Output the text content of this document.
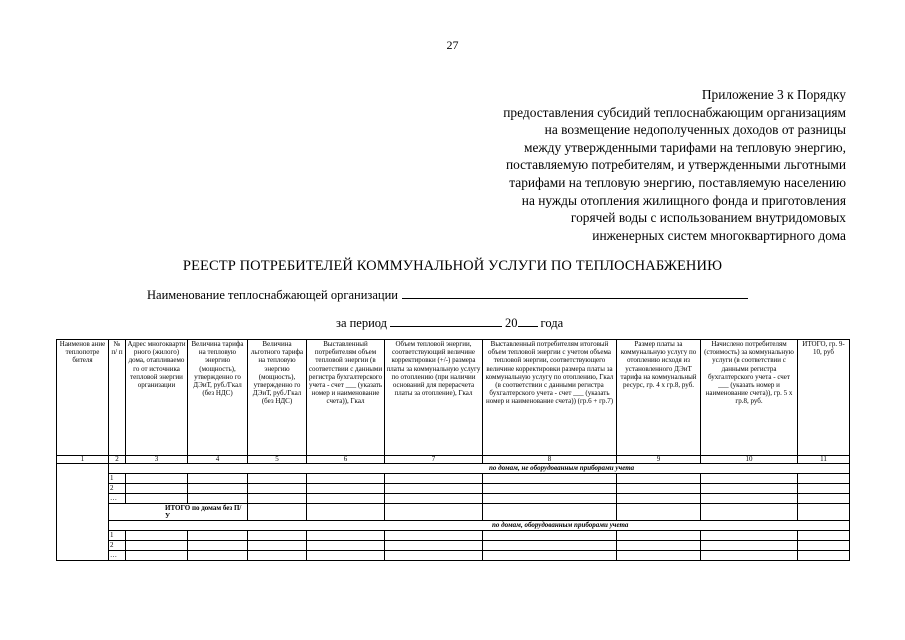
27
Приложение 3 к Порядку
предоставления субсидий теплоснабжающим организациям
на возмещение недополученных доходов от разницы
между утвержденными тарифами на тепловую энергию,
поставляемую потребителям, и утвержденными льготными
тарифами на тепловую энергию, поставляемую населению
на нужды отопления жилищного фонда и приготовления
горячей воды с использованием внутридомовых
инженерных систем многоквартирного дома
РЕЕСТР ПОТРЕБИТЕЛЕЙ КОММУНАЛЬНОЙ УСЛУГИ ПО ТЕПЛОСНАБЖЕНИЮ
Наименование теплоснабжающей организации
за период	20 года
Наименов ание теплопотре бителя	№ п/ п	Адрес многокварти рного (жилого) дома, отапливаемо го от источника тепловой энергии организации	Величина тарифа на тепловую энергию (мощность), утвержденно го ДЭиТ, руб./Гкал (без НДС)	Величина льготного тарифа на тепловую энергию (мощность), утвержденно го ДЭиТ, руб./Гкал (без НДС)	Выставленный потребителям объем тепловой энергии (в соответствии с данными регистра бухгалтерского учета - счет ___ (указать номер и наименование счета)), Гкал	Объем тепловой энергии, соответствующий величине корректировки (+/-) размера платы за коммунальную услугу по отоплению (при наличии оснований для перерасчета платы за отопление), Гкал	Выставленный потребителям итоговый объем тепловой энергии с учетом объема тепловой энергии, соответствующего величине корректировки размера платы за коммунальную услугу по отоплению, Гкал (в соответствии с данными регистра бухгалтерского учета - счет ___ (указать номер и наименование счета)) (гр.6 + гр.7)	Размер платы за коммунальную услугу по отоплению исходя из установленного ДЭиТ тарифа на коммунальный ресурс, гр. 4 x гр.8, руб.	Начислено потребителям (стоимость) за коммунальную услуги (в соответствии с данными регистра бухгалтерского учета - счет ___ (указать номер и наименование счета)), гр. 5 x гр.8, руб.	ИТОГО, гр. 9-10, руб
1	2	3	4	5	6	7	8	9	10	11
	по домам, не оборудованным приборами учета									
	1									
	2									
	…									
	ИТОГО по домам без П/У									
	по домам, оборудованным приборами учета									
	1									
	2									
	…									
